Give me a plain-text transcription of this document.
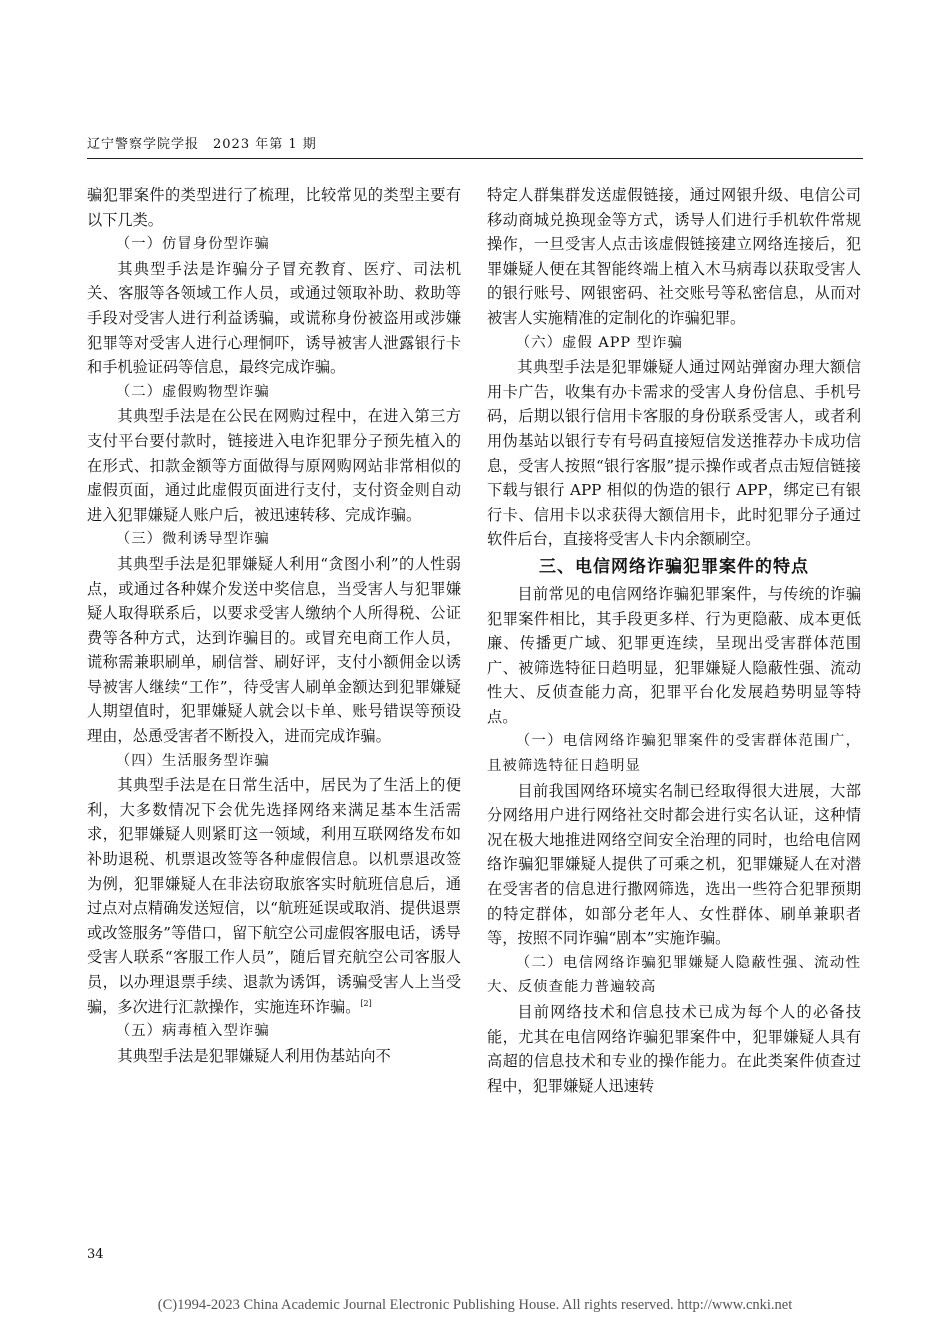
辽宁警察学院学报　2023 年第 1 期

骗犯罪案件的类型进行了梳理，比较常见的类型主要有以下几类。

（一）仿冒身份型诈骗

其典型手法是诈骗分子冒充教育、医疗、司法机关、客服等各领域工作人员，或通过领取补助、救助等手段对受害人进行利益诱骗，或谎称身份被盗用或涉嫌犯罪等对受害人进行心理恫吓，诱导被害人泄露银行卡和手机验证码等信息，最终完成诈骗。

（二）虚假购物型诈骗

其典型手法是在公民在网购过程中，在进入第三方支付平台要付款时，链接进入电诈犯罪分子预先植入的在形式、扣款金额等方面做得与原网购网站非常相似的虚假页面，通过此虚假页面进行支付，支付资金则自动进入犯罪嫌疑人账户后，被迅速转移、完成诈骗。

（三）微利诱导型诈骗

其典型手法是犯罪嫌疑人利用“贪图小利”的人性弱点，或通过各种媒介发送中奖信息，当受害人与犯罪嫌疑人取得联系后，以要求受害人缴纳个人所得税、公证费等各种方式，达到诈骗目的。或冒充电商工作人员，谎称需兼职刷单，刷信誉、刷好评，支付小额佣金以诱导被害人继续“工作”，待受害人刷单金额达到犯罪嫌疑人期望值时，犯罪嫌疑人就会以卡单、账号错误等预设理由，怂恿受害者不断投入，进而完成诈骗。

（四）生活服务型诈骗

其典型手法是在日常生活中，居民为了生活上的便利，大多数情况下会优先选择网络来满足基本生活需求，犯罪嫌疑人则紧盯这一领域，利用互联网络发布如补助退税、机票退改签等各种虚假信息。以机票退改签为例，犯罪嫌疑人在非法窃取旅客实时航班信息后，通过点对点精确发送短信，以“航班延误或取消、提供退票或改签服务”等借口，留下航空公司虚假客服电话，诱导受害人联系“客服工作人员”，随后冒充航空公司客服人员，以办理退票手续、退款为诱饵，诱骗受害人上当受骗，多次进行汇款操作，实施连环诈骗。[2]

（五）病毒植入型诈骗

其典型手法是犯罪嫌疑人利用伪基站向不

特定人群集群发送虚假链接，通过网银升级、电信公司移动商城兑换现金等方式，诱导人们进行手机软件常规操作，一旦受害人点击该虚假链接建立网络连接后，犯罪嫌疑人便在其智能终端上植入木马病毒以获取受害人的银行账号、网银密码、社交账号等私密信息，从而对被害人实施精准的定制化的诈骗犯罪。

（六）虚假 APP 型诈骗

其典型手法是犯罪嫌疑人通过网站弹窗办理大额信用卡广告，收集有办卡需求的受害人身份信息、手机号码，后期以银行信用卡客服的身份联系受害人，或者利用伪基站以银行专有号码直接短信发送推荐办卡成功信息，受害人按照“银行客服”提示操作或者点击短信链接下载与银行 APP 相似的伪造的银行 APP，绑定已有银行卡、信用卡以求获得大额信用卡，此时犯罪分子通过软件后台，直接将受害人卡内余额刷空。

三、电信网络诈骗犯罪案件的特点

目前常见的电信网络诈骗犯罪案件，与传统的诈骗犯罪案件相比，其手段更多样、行为更隐蔽、成本更低廉、传播更广域、犯罪更连续，呈现出受害群体范围广、被筛选特征日趋明显，犯罪嫌疑人隐蔽性强、流动性大、反侦查能力高，犯罪平台化发展趋势明显等特点。

（一）电信网络诈骗犯罪案件的受害群体范围广，且被筛选特征日趋明显

目前我国网络环境实名制已经取得很大进展，大部分网络用户进行网络社交时都会进行实名认证，这种情况在极大地推进网络空间安全治理的同时，也给电信网络诈骗犯罪嫌疑人提供了可乘之机，犯罪嫌疑人在对潜在受害者的信息进行撒网筛选，选出一些符合犯罪预期的特定群体，如部分老年人、女性群体、刷单兼职者等，按照不同诈骗“剧本”实施诈骗。

（二）电信网络诈骗犯罪嫌疑人隐蔽性强、流动性大、反侦查能力普遍较高

目前网络技术和信息技术已成为每个人的必备技能，尤其在电信网络诈骗犯罪案件中，犯罪嫌疑人具有高超的信息技术和专业的操作能力。在此类案件侦查过程中，犯罪嫌疑人迅速转

34
(C)1994-2023 China Academic Journal Electronic Publishing House. All rights reserved. http://www.cnki.net
